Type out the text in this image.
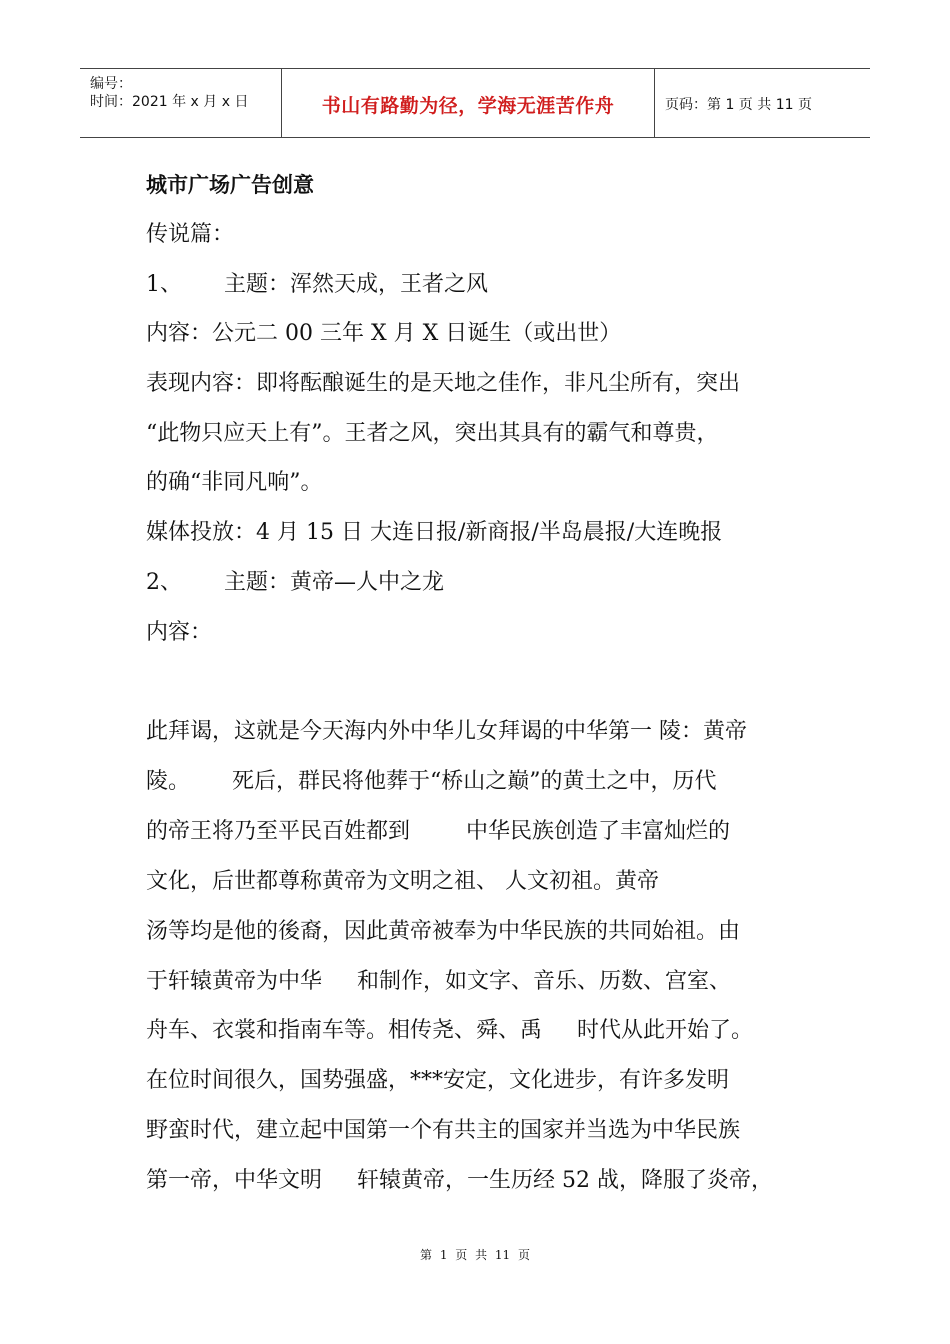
编号：
时间：2021 年 x 月 x 日	书山有路勤为径，学海无涯苦作舟	页码：第 1 页 共 11 页
城市广场广告创意
传说篇：
1、      主题：浑然天成，王者之风
内容：公元二 00 三年 X 月 X 日诞生（或出世）
表现内容：即将酝酿诞生的是天地之佳作，非凡尘所有，突出
“此物只应天上有”。王者之风，突出其具有的霸气和尊贵，
的确“非同凡响”。
媒体投放：4 月 15 日 大连日报/新商报/半岛晨报/大连晚报
2、      主题：黄帝—人中之龙
内容：
此拜谒，这就是今天海内外中华儿女拜谒的中华第一 陵：黄帝
陵。      死后，群民将他葬于“桥山之巅”的黄土之中，历代
的帝王将乃至平民百姓都到        中华民族创造了丰富灿烂的
文化，后世都尊称黄帝为文明之祖、 人文初祖。黄帝
汤等均是他的後裔，因此黄帝被奉为中华民族的共同始祖。由
于轩辕黄帝为中华     和制作，如文字、音乐、历数、宫室、
舟车、衣裳和指南车等。相传尧、舜、禹     时代从此开始了。
在位时间很久，国势强盛，***安定，文化进步，有许多发明
野蛮时代，建立起中国第一个有共主的国家并当选为中华民族
第一帝，中华文明     轩辕黄帝，一生历经 52 战，降服了炎帝，
第 1 页 共 11 页
